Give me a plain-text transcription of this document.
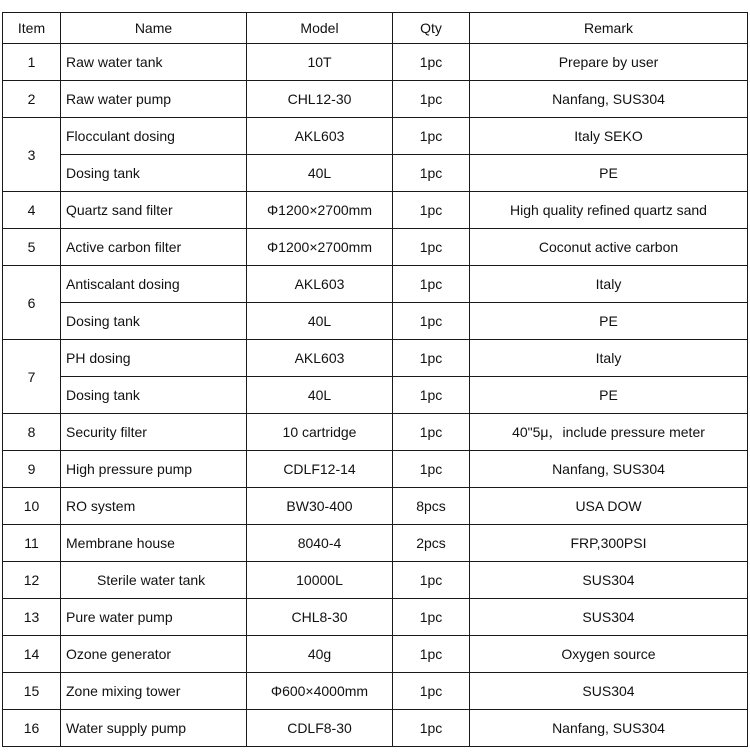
Item	Name	Model	Qty	Remark
1	Raw water tank	10T	1pc	Prepare by user
2	Raw water pump	CHL12-30	1pc	Nanfang, SUS304
3	Flocculant dosing	AKL603	1pc	Italy SEKO
	Dosing tank	40L	1pc	PE
4	Quartz sand filter	Φ1200×2700mm	1pc	High quality refined quartz sand
5	Active carbon filter	Φ1200×2700mm	1pc	Coconut active carbon
6	Antiscalant dosing	AKL603	1pc	Italy
	Dosing tank	40L	1pc	PE
7	PH dosing	AKL603	1pc	Italy
	Dosing tank	40L	1pc	PE
8	Security filter	10 cartridge	1pc	40"5μ，include pressure meter
9	High pressure pump	CDLF12-14	1pc	Nanfang, SUS304
10	RO system	BW30-400	8pcs	USA DOW
11	Membrane house	8040-4	2pcs	FRP,300PSI
12	Sterile water tank	10000L	1pc	SUS304
13	Pure water pump	CHL8-30	1pc	SUS304
14	Ozone generator	40g	1pc	Oxygen source
15	Zone mixing tower	Φ600×4000mm	1pc	SUS304
16	Water supply pump	CDLF8-30	1pc	Nanfang, SUS304
